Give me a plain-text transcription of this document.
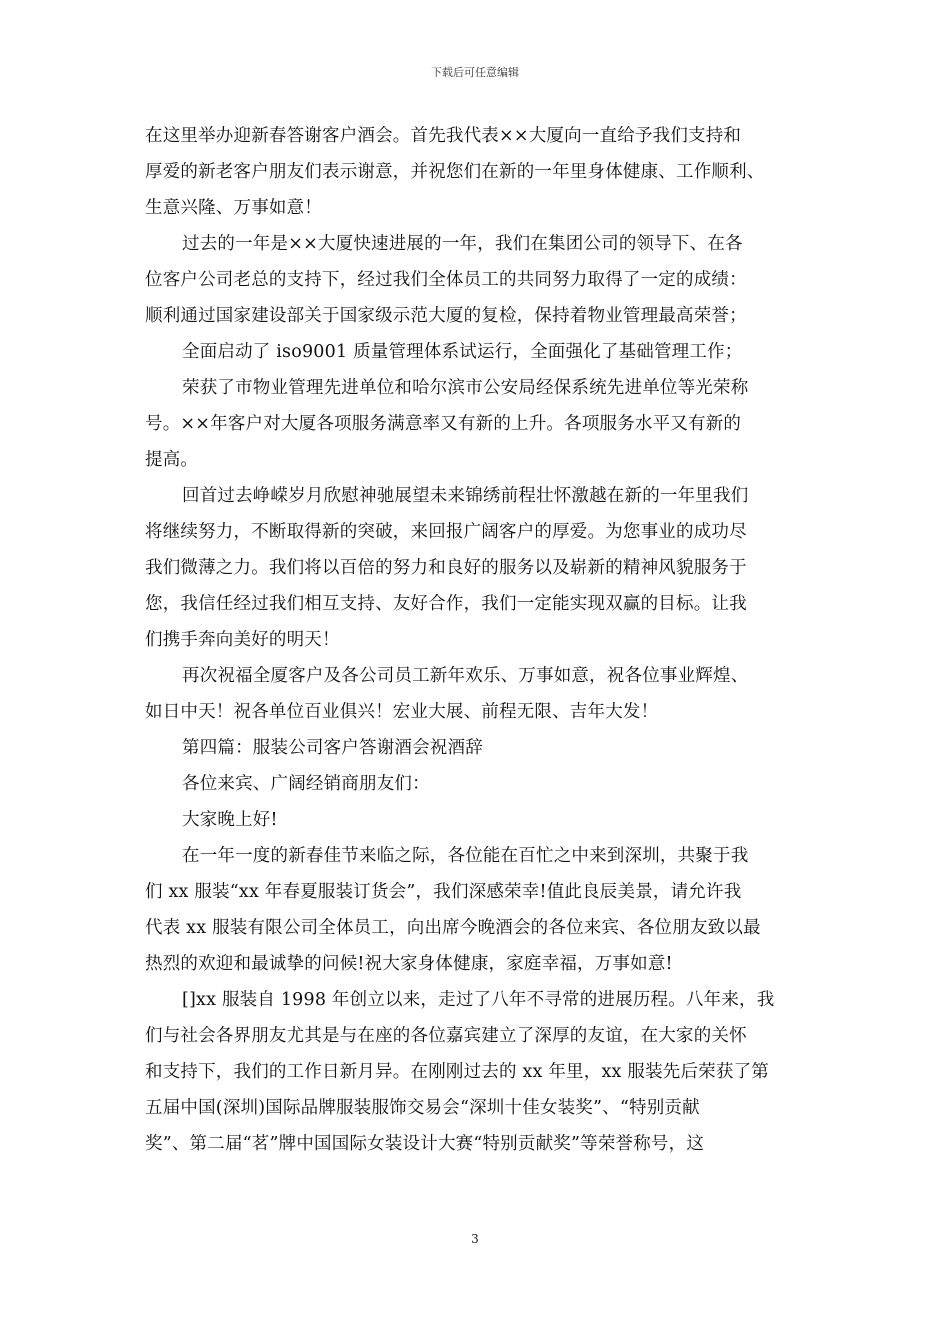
下载后可任意编辑
在这里举办迎新春答谢客户酒会。首先我代表××大厦向一直给予我们支持和
厚爱的新老客户朋友们表示谢意，并祝您们在新的一年里身体健康、工作顺利、
生意兴隆、万事如意！
过去的一年是××大厦快速进展的一年，我们在集团公司的领导下、在各
位客户公司老总的支持下，经过我们全体员工的共同努力取得了一定的成绩：
顺利通过国家建设部关于国家级示范大厦的复检，保持着物业管理最高荣誉；
全面启动了 iso9001 质量管理体系试运行，全面强化了基础管理工作；
荣获了市物业管理先进单位和哈尔滨市公安局经保系统先进单位等光荣称
号。××年客户对大厦各项服务满意率又有新的上升。各项服务水平又有新的
提高。
回首过去峥嵘岁月欣慰神驰展望未来锦绣前程壮怀激越在新的一年里我们
将继续努力，不断取得新的突破，来回报广阔客户的厚爱。为您事业的成功尽
我们微薄之力。我们将以百倍的努力和良好的服务以及崭新的精神风貌服务于
您，我信任经过我们相互支持、友好合作，我们一定能实现双赢的目标。让我
们携手奔向美好的明天！
再次祝福全厦客户及各公司员工新年欢乐、万事如意，祝各位事业辉煌、
如日中天！祝各单位百业俱兴！宏业大展、前程无限、吉年大发！
第四篇：服装公司客户答谢酒会祝酒辞
各位来宾、广阔经销商朋友们：
大家晚上好!
在一年一度的新春佳节来临之际，各位能在百忙之中来到深圳，共聚于我
们 xx 服装“xx 年春夏服装订货会”，我们深感荣幸!值此良辰美景，请允许我
代表 xx 服装有限公司全体员工，向出席今晚酒会的各位来宾、各位朋友致以最
热烈的欢迎和最诚挚的问候!祝大家身体健康，家庭幸福，万事如意!
[]xx 服装自 1998 年创立以来，走过了八年不寻常的进展历程。八年来，我
们与社会各界朋友尤其是与在座的各位嘉宾建立了深厚的友谊，在大家的关怀
和支持下，我们的工作日新月异。在刚刚过去的 xx 年里，xx 服装先后荣获了第
五届中国(深圳)国际品牌服装服饰交易会“深圳十佳女装奖”、“特别贡献
奖”、第二届“茗”牌中国国际女装设计大赛“特别贡献奖”等荣誉称号，这
3
